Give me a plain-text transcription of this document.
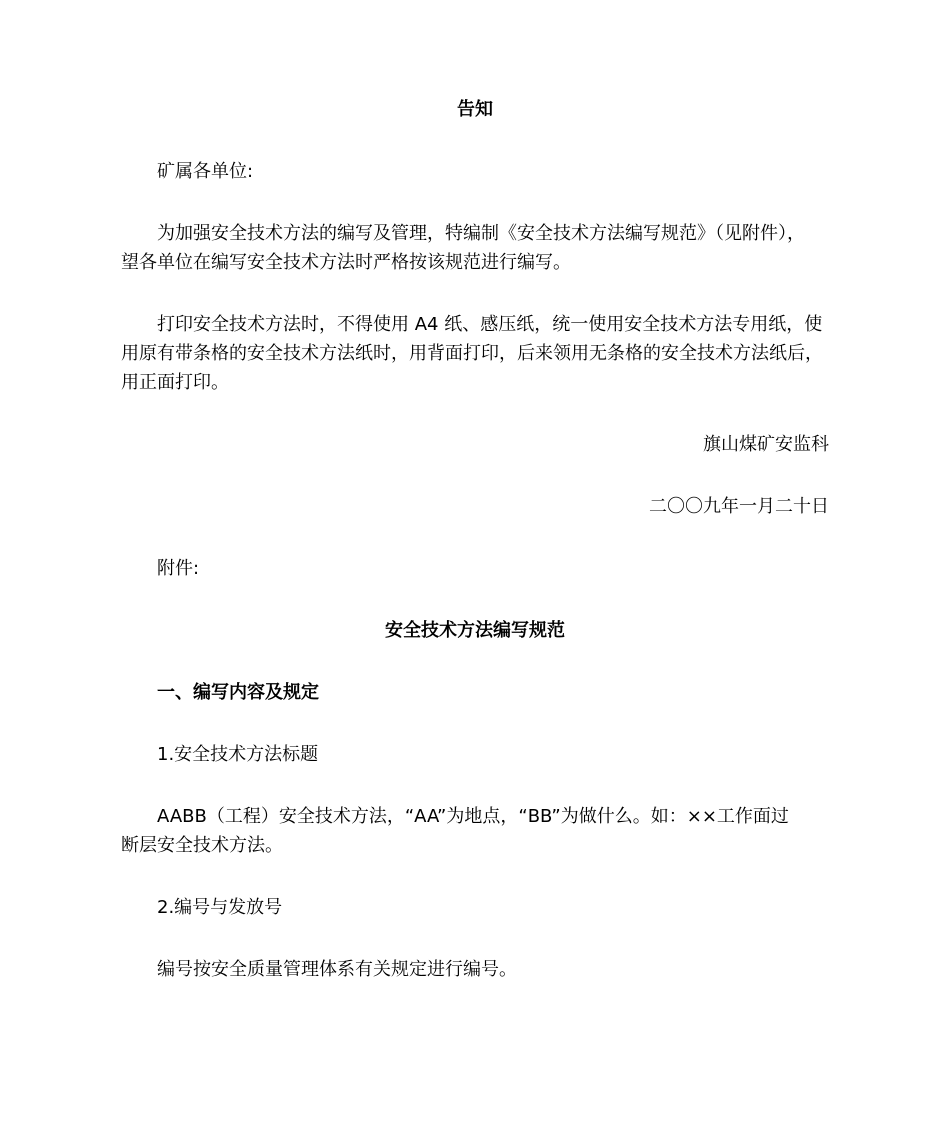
告知
矿属各单位:
为加强安全技术方法的编写及管理，特编制《安全技术方法编写规范》（见附件），
望各单位在编写安全技术方法时严格按该规范进行编写。
打印安全技术方法时，不得使用 A4 纸、感压纸，统一使用安全技术方法专用纸，使
用原有带条格的安全技术方法纸时，用背面打印，后来领用无条格的安全技术方法纸后，
用正面打印。
旗山煤矿安监科
二〇〇九年一月二十日
附件:
安全技术方法编写规范
一、编写内容及规定
1.安全技术方法标题
AABB（工程）安全技术方法，“AA”为地点，“BB”为做什么。如：××工作面过
断层安全技术方法。
2.编号与发放号
编号按安全质量管理体系有关规定进行编号。
